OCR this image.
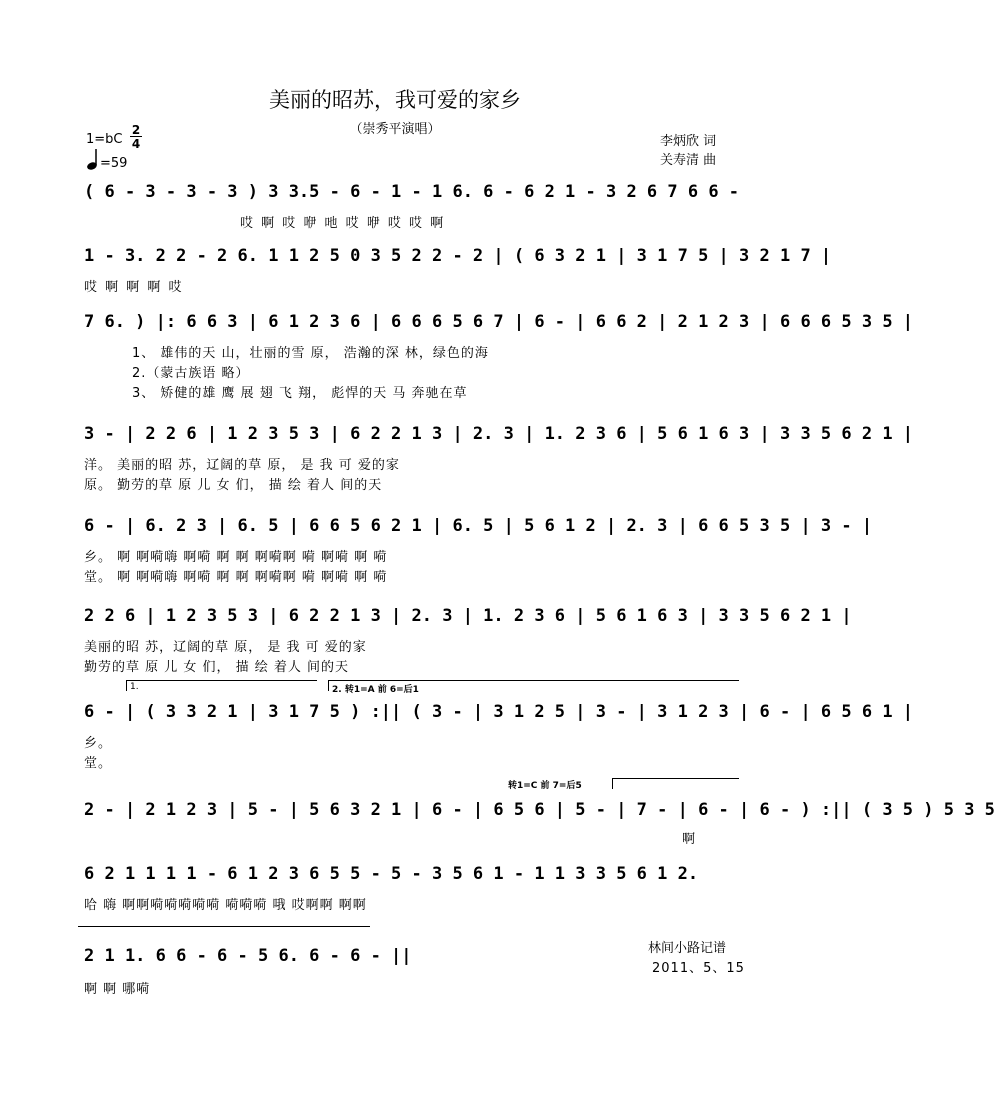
美丽的昭苏，我可爱的家乡
（崇秀平演唱）
1=bC
2
4
=59
李炳欣 词
关寿清 曲
( 6 - 3 - 3 - 3 ) 3 3.5 - 6 - 1 - 1 6. 6 - 6 2 1 - 3 2 6 7 6 6 -
哎 啊 哎 咿 吔 哎 咿 哎 哎 啊
1 - 3. 2 2 - 2 6. 1 1 2 5 0 3 5 2 2 - 2 | ( 6 3 2 1 | 3 1 7 5 | 3 2 1 7 |
哎 啊 啊 啊 哎
7 6. ) |: 6 6 3 | 6 1 2 3 6 | 6 6 6 5 6 7 | 6 - | 6 6 2 | 2 1 2 3 | 6 6 6 5 3 5 |
1、 雄伟的天 山，壮丽的雪 原， 浩瀚的深 林，绿色的海
2.（蒙古族语 略）
3、 矫健的雄 鹰 展 翅 飞 翔， 彪悍的天 马 奔驰在草
3 - | 2 2 6 | 1 2 3 5 3 | 6 2 2 1 3 | 2. 3 | 1. 2 3 6 | 5 6 1 6 3 | 3 3 5 6 2 1 |
洋。 美丽的昭 苏，辽阔的草 原， 是 我 可 爱的家
原。 勤劳的草 原 儿 女 们， 描 绘 着人 间的天
6 - | 6. 2 3 | 6. 5 | 6 6 5 6 2 1 | 6. 5 | 5 6 1 2 | 2. 3 | 6 6 5 3 5 | 3 - |
乡。 啊 啊嗬嗨 啊嗬 啊 啊 啊嗬啊 嗬 啊嗬 啊 嗬
堂。 啊 啊嗬嗨 啊嗬 啊 啊 啊嗬啊 嗬 啊嗬 啊 嗬
2 2 6 | 1 2 3 5 3 | 6 2 2 1 3 | 2. 3 | 1. 2 3 6 | 5 6 1 6 3 | 3 3 5 6 2 1 |
美丽的昭 苏，辽阔的草 原， 是 我 可 爱的家
勤劳的草 原 儿 女 们， 描 绘 着人 间的天
1.	2. 转1=A 前 6=后1
6 - | ( 3 3 2 1 | 3 1 7 5 ) :|| ( 3 - | 3 1 2 5 | 3 - | 3 1 2 3 | 6 - | 6 5 6 1 |
乡。
堂。
转1=C 前 7=后5
2 - | 2 1 2 3 | 5 - | 5 6 3 2 1 | 6 - | 6 5 6 | 5 - | 7 - | 6 - | 6 - ) :|| ( 3 5 ) 5 3 5
啊
6 2 1 1 1 1 - 6 1 2 3 6 5 5 - 5 - 3 5 6 1 - 1 1 3 3 5 6 1 2.
哈 嗨 啊啊嗬嗬嗬嗬嗬 嗬嗬嗬 哦 哎啊啊 啊啊
2 1 1. 6 6 - 6 - 5 6. 6 - 6 - ||
啊 啊 哪嗬
林间小路记谱
2011、5、15
